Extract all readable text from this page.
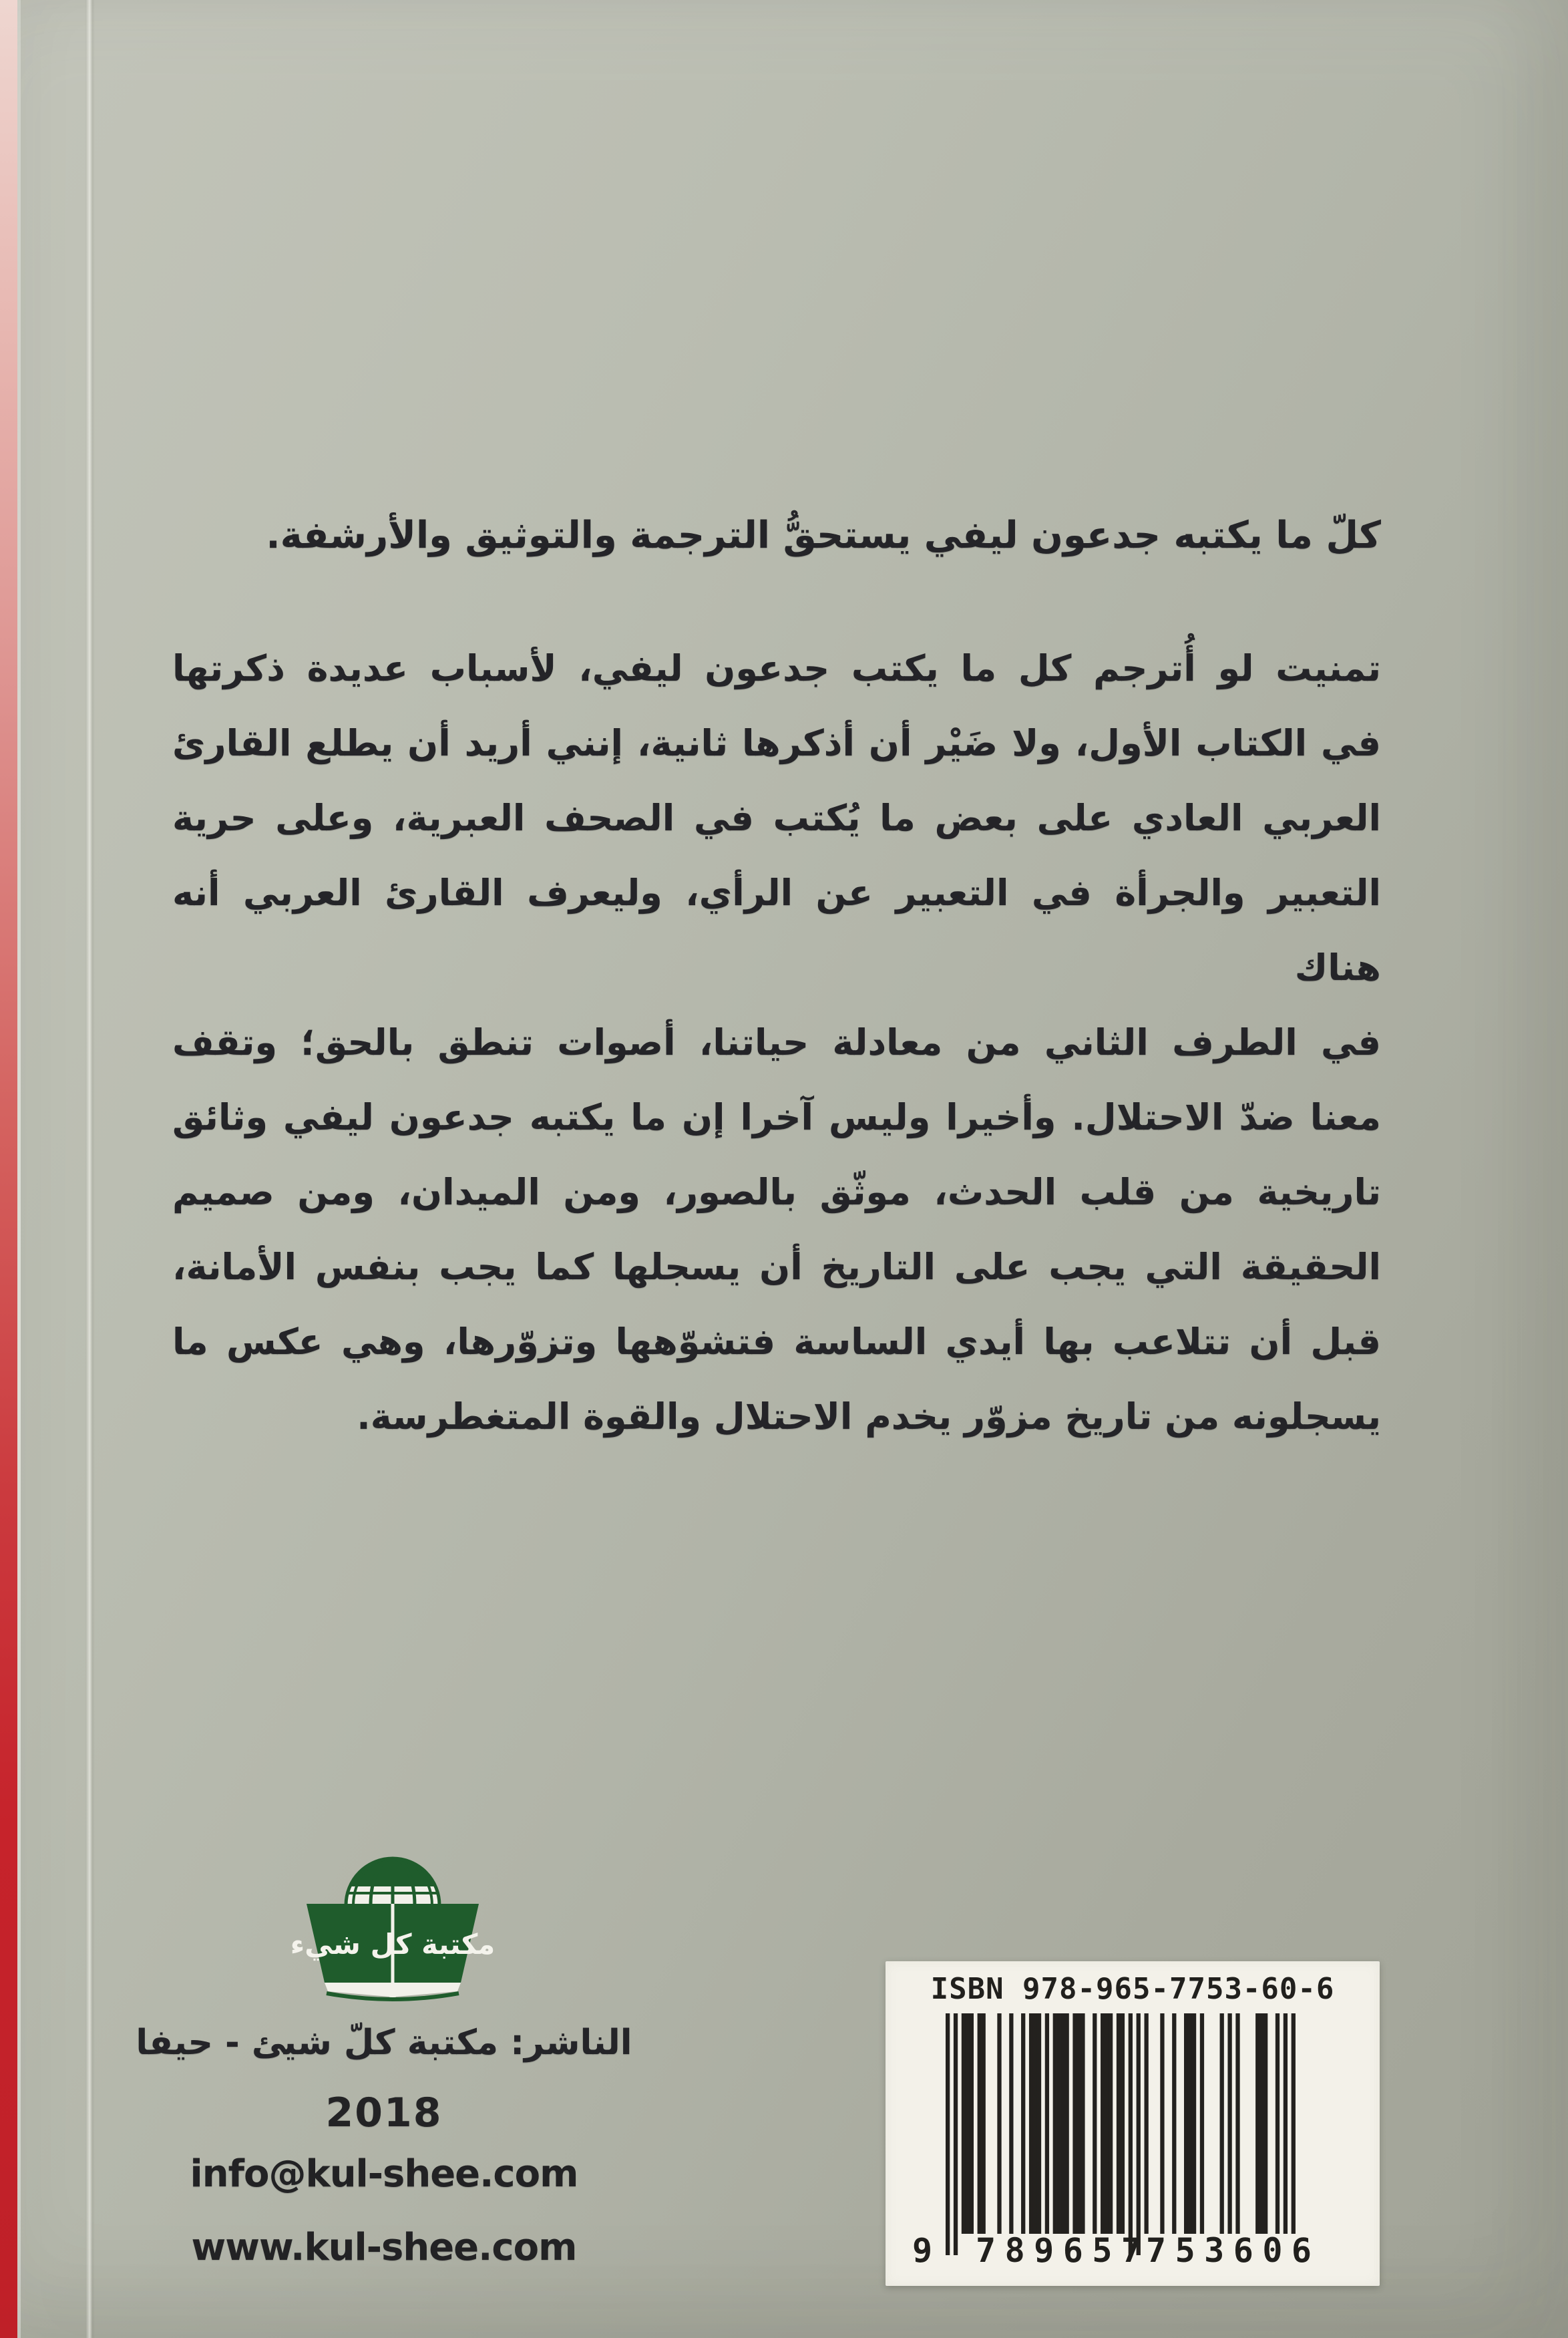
كلّ ما يكتبه جدعون ليفي يستحقُّ الترجمة والتوثيق والأرشفة.
تمنيت لو أُترجم كل ما يكتب جدعون ليفي، لأسباب عديدة ذكرتها
في الكتاب الأول، ولا ضَيْر أن أذكرها ثانية، إنني أريد أن يطلع القارئ
العربي العادي على بعض ما يُكتب في الصحف العبرية، وعلى حرية
التعبير والجرأة في التعبير عن الرأي، وليعرف القارئ العربي أنه هناك
في الطرف الثاني من معادلة حياتنا، أصوات تنطق بالحق؛ وتقف
معنا ضدّ الاحتلال. وأخيرا وليس آخرا إن ما يكتبه جدعون ليفي وثائق
تاريخية من قلب الحدث، موثّق بالصور، ومن الميدان، ومن صميم
الحقيقة التي يجب على التاريخ أن يسجلها كما يجب بنفس الأمانة،
قبل أن تتلاعب بها أيدي الساسة فتشوّهها وتزوّرها، وهي عكس ما
يسجلونه من تاريخ مزوّر يخدم الاحتلال والقوة المتغطرسة.
مكتبة كل شيء
الناشر: مكتبة كلّ شيئ - حيفا
2018
info@kul-shee.com
www.kul-shee.com
ISBN 978-965-7753-60-6
9 789657 753606
